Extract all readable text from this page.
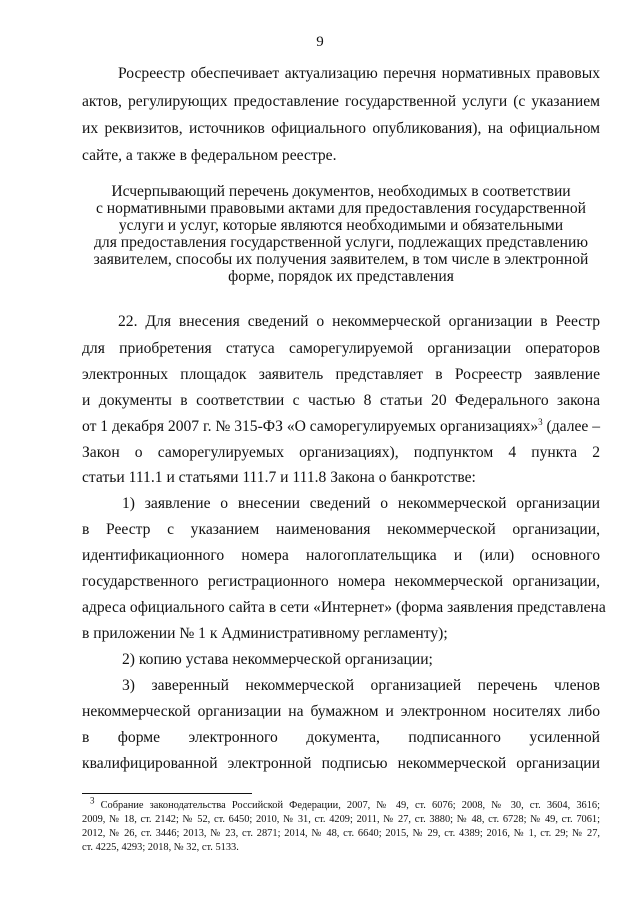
9
Росреестр обеспечивает актуализацию перечня нормативных правовых
актов, регулирующих предоставление государственной услуги (с указанием
их реквизитов, источников официального опубликования), на официальном
сайте, а также в федеральном реестре.
Исчерпывающий перечень документов, необходимых в соответствии
с нормативными правовыми актами для предоставления государственной
услуги и услуг, которые являются необходимыми и обязательными
для предоставления государственной услуги, подлежащих представлению
заявителем, способы их получения заявителем, в том числе в электронной
форме, порядок их представления
22. Для внесения сведений о некоммерческой организации в Реестр
для приобретения статуса саморегулируемой организации операторов
электронных площадок заявитель представляет в Росреестр заявление
и документы в соответствии с частью 8 статьи 20 Федерального закона
от 1 декабря 2007 г. № 315-ФЗ «О саморегулируемых организациях»$^3$ (далее –
Закон о саморегулируемых организациях), подпунктом 4 пункта 2
статьи 111.1 и статьями 111.7 и 111.8 Закона о банкротстве:
1) заявление о внесении сведений о некоммерческой организации
в Реестр с указанием наименования некоммерческой организации,
идентификационного номера налогоплательщика и (или) основного
государственного регистрационного номера некоммерческой организации,
адреса официального сайта в сети «Интернет» (форма заявления представлена
в приложении № 1 к Административному регламенту);
2) копию устава некоммерческой организации;
3) заверенный некоммерческой организацией перечень членов
некоммерческой организации на бумажном и электронном носителях либо
в форме электронного документа, подписанного усиленной
квалифицированной электронной подписью некоммерческой организации
$^3$ Собрание законодательства Российской Федерации, 2007, № 49, ст. 6076; 2008, № 30, ст. 3604, 3616;
2009, № 18, ст. 2142; № 52, ст. 6450; 2010, № 31, ст. 4209; 2011, № 27, ст. 3880; № 48, ст. 6728; № 49, ст. 7061;
2012, № 26, ст. 3446; 2013, № 23, ст. 2871; 2014, № 48, ст. 6640; 2015, № 29, ст. 4389; 2016, № 1, ст. 29; № 27,
ст. 4225, 4293; 2018, № 32, ст. 5133.
